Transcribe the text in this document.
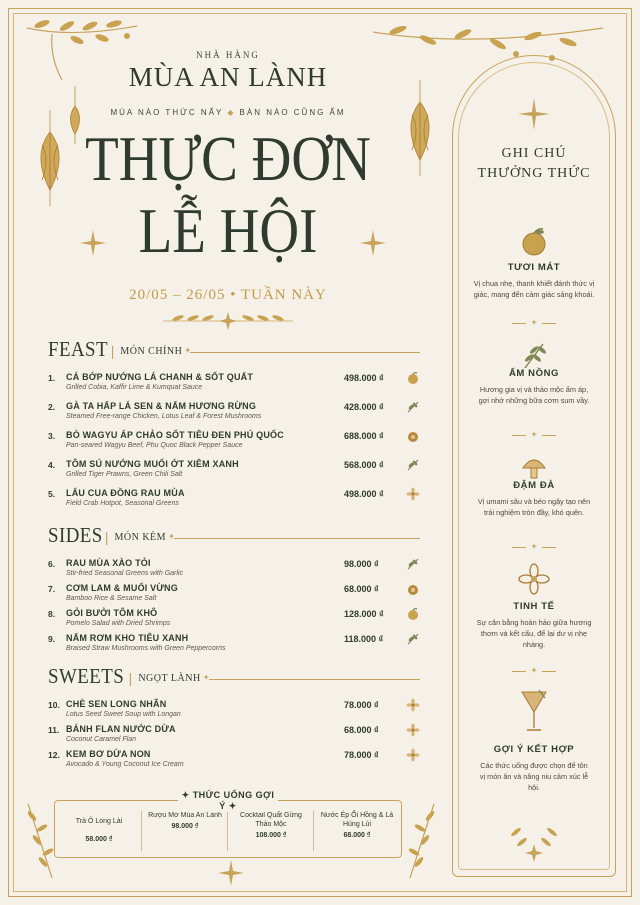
NHÀ HÀNG
MÙA AN LÀNH
MÙA NÀO THỨC NẤY ◆ BÀN NÀO CŨNG ẤM
THỰC ĐƠN
LỄ HỘI
20/05 – 26/05 • TUẦN NÀY
FEAST | MÓN CHÍNH
✦
SIDES | MÓN KÈM
✦
SWEETS | NGỌT LÀNH
✦
1. CÁ BỚP NƯỚNG LÁ CHANH & SỐT QUẤT
Grilled Cobia, Kaffir Lime & Kumquat Sauce
498.000 ₫
2. GÀ TA HẤP LÁ SEN & NẤM HƯƠNG RỪNG
Steamed Free-range Chicken, Lotus Leaf & Forest Mushrooms
428.000 ₫
3. BÒ WAGYU ÁP CHẢO SỐT TIÊU ĐEN PHÚ QUỐC
Pan-seared Wagyu Beef, Phu Quoc Black Pepper Sauce
688.000 ₫
4. TÔM SÚ NƯỚNG MUỐI ỚT XIÊM XANH
Grilled Tiger Prawns, Green Chili Salt
568.000 ₫
5. LẨU CUA ĐỒNG RAU MÙA
Field Crab Hotpot, Seasonal Greens
498.000 ₫
6. RAU MÙA XÀO TỎI
Stir-fried Seasonal Greens with Garlic
98.000 ₫
7. CƠM LAM & MUỐI VỪNG
Bamboo Rice & Sesame Salt
68.000 ₫
8. GỎI BƯỞI TÔM KHÔ
Pomelo Salad with Dried Shrimps
128.000 ₫
9. NẤM RƠM KHO TIÊU XANH
Braised Straw Mushrooms with Green Peppercorns
118.000 ₫
10. CHÈ SEN LONG NHÃN
Lotus Seed Sweet Soup with Longan
78.000 ₫
11. BÁNH FLAN NƯỚC DỪA
Coconut Caramel Flan
68.000 ₫
12. KEM BƠ DỪA NON
Avocado & Young Coconut Ice Cream
78.000 ₫
Trà Ô Long Lài
58.000 ₫
Rượu Mơ Mùa An Lành
98.000 ₫
Cocktail Quất Gừng Thảo Mộc
108.000 ₫
Nước Ép Ổi Hồng & Lá Húng Lủi
68.000 ₫
✦ THỨC UỐNG GỢI Ý ✦
GHI CHÚ
THƯỞNG THỨC
TƯƠI MÁT
Vị chua nhẹ, thanh khiết đánh thức vị giác, mang đến cảm giác sảng khoái.
✦
ẤM NỒNG
Hương gia vị và thảo mộc ấm áp, gợi nhớ những bữa cơm sum vầy.
✦
ĐẬM ĐÀ
Vị umami sâu và béo ngậy tạo nên trải nghiệm tròn đầy, khó quên.
✦
TINH TẾ
Sự cân bằng hoàn hảo giữa hương thơm và kết cấu, để lại dư vị nhẹ nhàng.
✦
GỢI Ý KẾT HỢP
Các thức uống được chọn để tôn vị món ăn và nâng niu cảm xúc lễ hội.
